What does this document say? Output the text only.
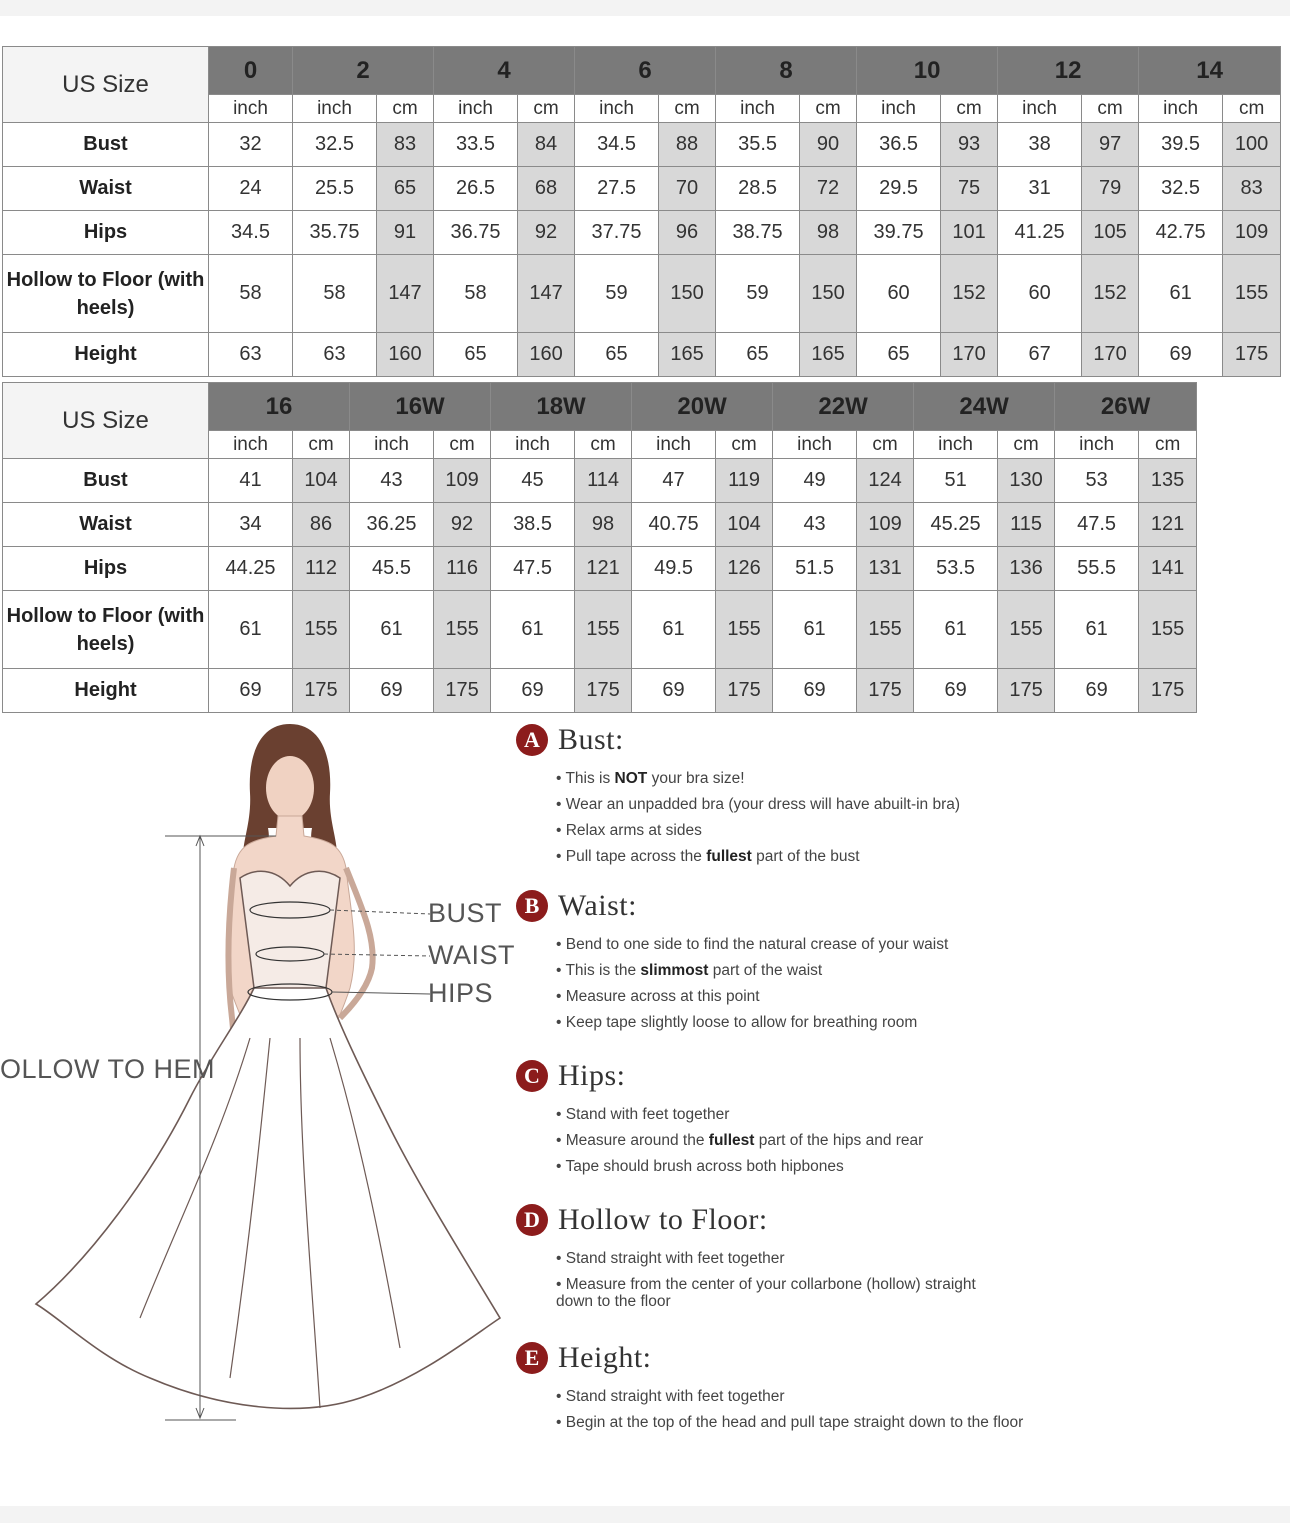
US Size	0	2		4		6		8		10		12		14	
	inch	inch	cm	inch	cm	inch	cm	inch	cm	inch	cm	inch	cm	inch	cm
Bust	32	32.5	83	33.5	84	34.5	88	35.5	90	36.5	93	38	97	39.5	100
Waist	24	25.5	65	26.5	68	27.5	70	28.5	72	29.5	75	31	79	32.5	83
Hips	34.5	35.75	91	36.75	92	37.75	96	38.75	98	39.75	101	41.25	105	42.75	109
Hollow to Floor (with heels)	58	58	147	58	147	59	150	59	150	60	152	60	152	61	155
Height	63	63	160	65	160	65	165	65	165	65	170	67	170	69	175
US Size	16		16W		18W		20W		22W		24W		26W	
	inch	cm	inch	cm	inch	cm	inch	cm	inch	cm	inch	cm	inch	cm
Bust	41	104	43	109	45	114	47	119	49	124	51	130	53	135
Waist	34	86	36.25	92	38.5	98	40.75	104	43	109	45.25	115	47.5	121
Hips	44.25	112	45.5	116	47.5	121	49.5	126	51.5	131	53.5	136	55.5	141
Hollow to Floor (with heels)	61	155	61	155	61	155	61	155	61	155	61	155	61	155
Height	69	175	69	175	69	175	69	175	69	175	69	175	69	175
BUST
WAIST
HIPS
OLLOW TO HEM
A Bust:
• This is NOT your bra size!
• Wear an unpadded bra (your dress will have abuilt-in bra)
• Relax arms at sides
• Pull tape across the fullest part of the bust
B Waist:
• Bend to one side to find the natural crease of your waist
• This is the slimmost part of the waist
• Measure across at this point
• Keep tape slightly loose to allow for breathing room
C Hips:
• Stand with feet together
• Measure around the fullest part of the hips and rear
• Tape should brush across both hipbones
D Hollow to Floor:
• Stand straight with feet together
• Measure from the center of your collarbone (hollow) straight down to the floor
E Height:
• Stand straight with feet together
• Begin at the top of the head and pull tape straight down to the floor
